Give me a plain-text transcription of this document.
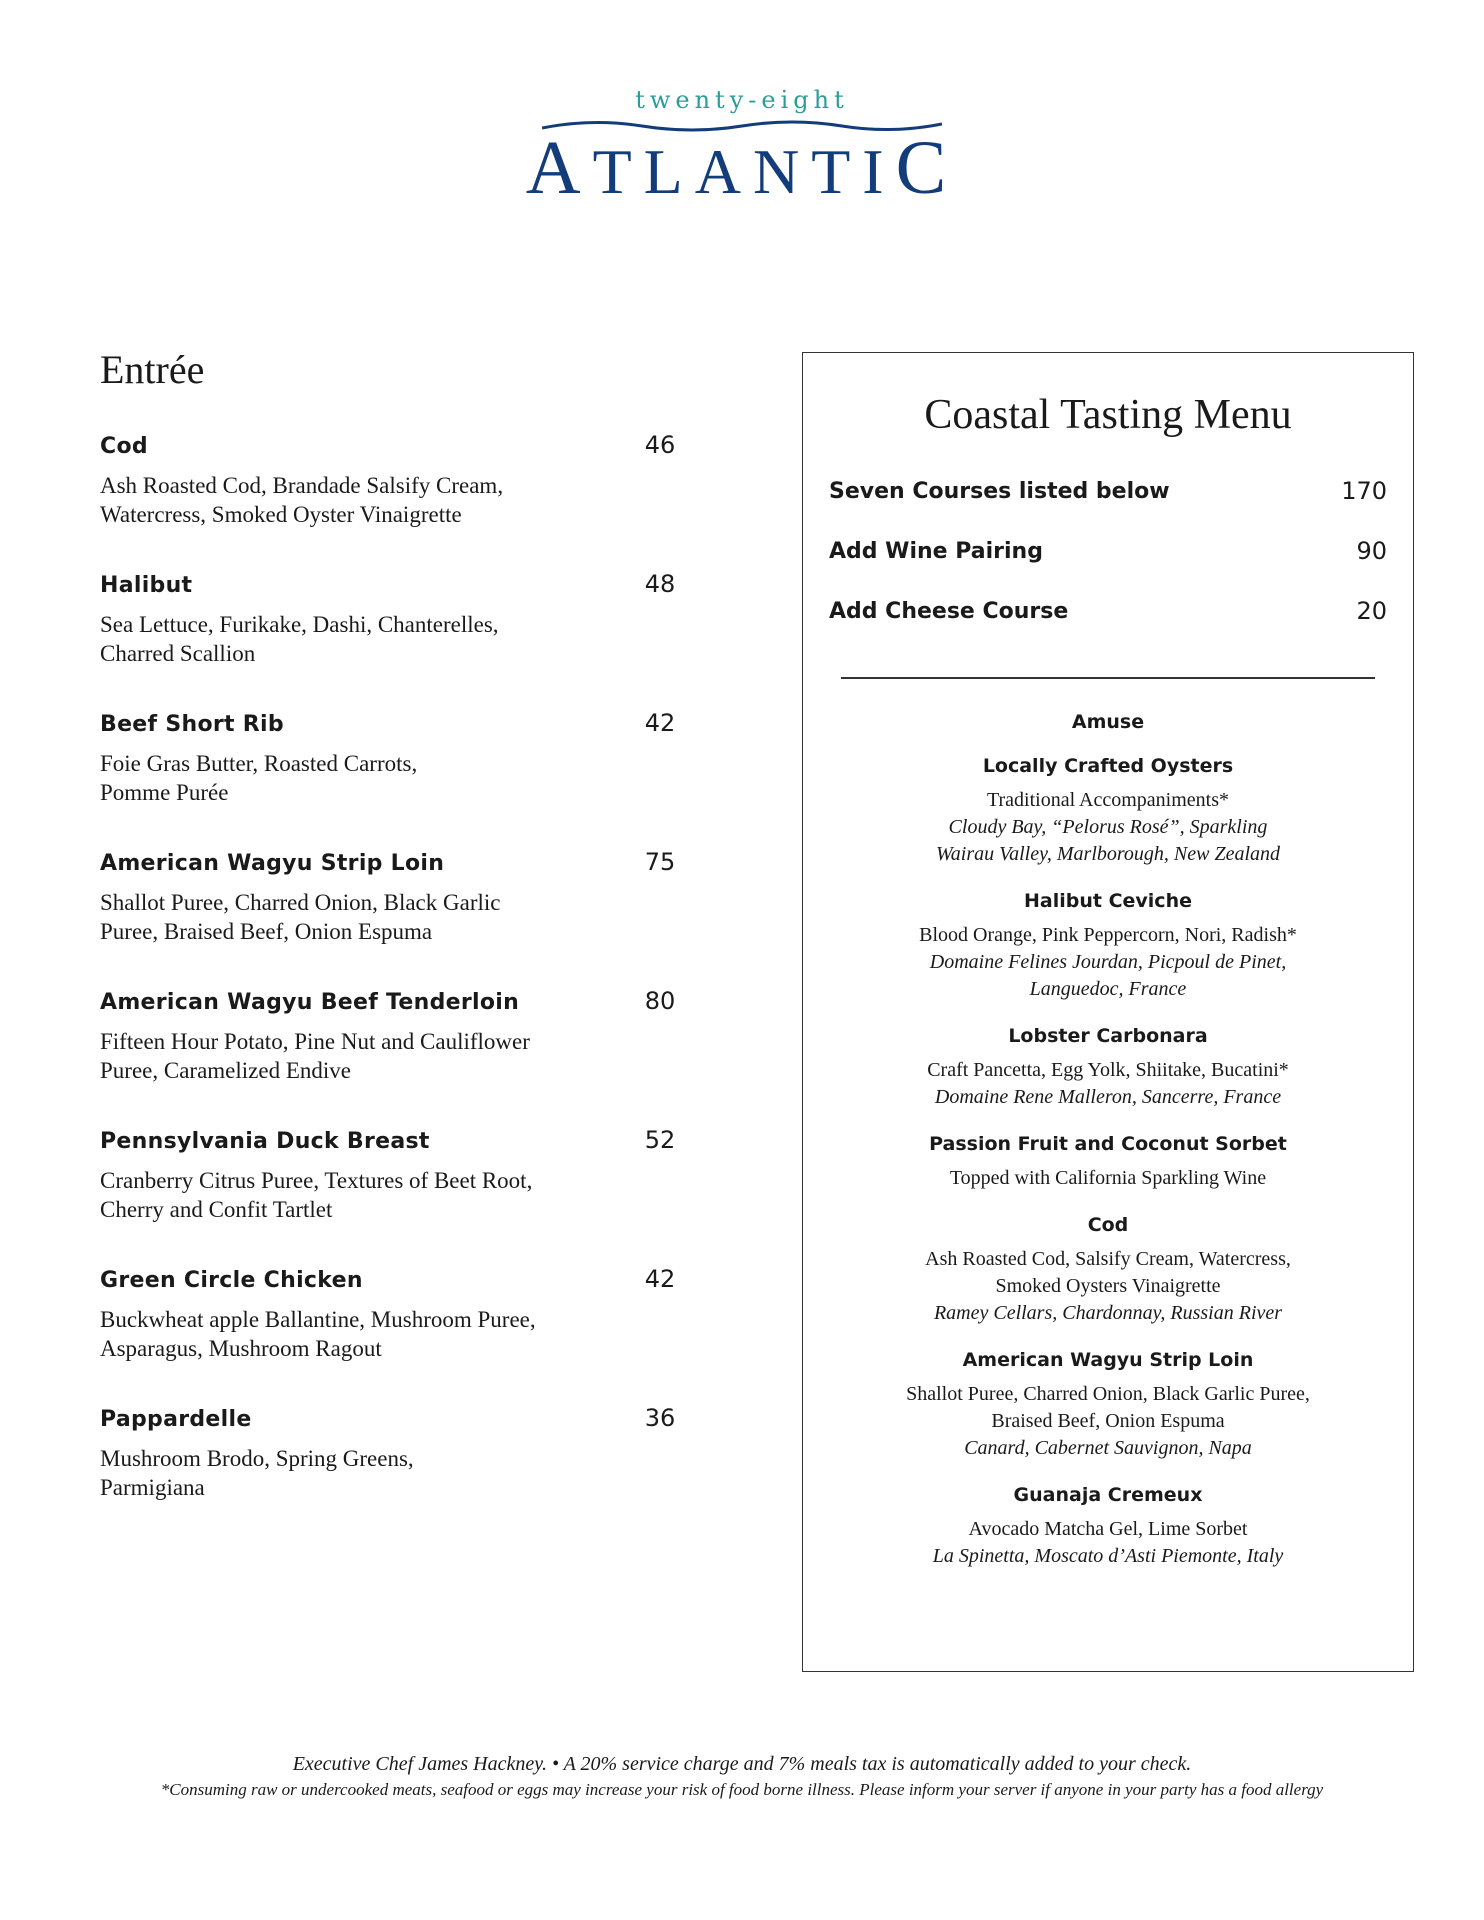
twenty-eight
ATLANTIC
Entrée
Cod	46
Ash Roasted Cod, Brandade Salsify Cream,
Watercress, Smoked Oyster Vinaigrette
Halibut	48
Sea Lettuce, Furikake, Dashi, Chanterelles,
Charred Scallion
Beef Short Rib	42
Foie Gras Butter, Roasted Carrots,
Pomme Purée
American Wagyu Strip Loin	75
Shallot Puree, Charred Onion, Black Garlic
Puree, Braised Beef, Onion Espuma
American Wagyu Beef Tenderloin	80
Fifteen Hour Potato, Pine Nut and Cauliflower
Puree, Caramelized Endive
Pennsylvania Duck Breast	52
Cranberry Citrus Puree, Textures of Beet Root,
Cherry and Confit Tartlet
Green Circle Chicken	42
Buckwheat apple Ballantine, Mushroom Puree,
Asparagus, Mushroom Ragout
Pappardelle	36
Mushroom Brodo, Spring Greens,
Parmigiana
Coastal Tasting Menu
Seven Courses listed below	170
Add Wine Pairing	90
Add Cheese Course	20
Amuse
Locally Crafted Oysters
Traditional Accompaniments*
Cloudy Bay, “Pelorus Rosé”, Sparkling
Wairau Valley, Marlborough, New Zealand
Halibut Ceviche
Blood Orange, Pink Peppercorn, Nori, Radish*
Domaine Felines Jourdan, Picpoul de Pinet,
Languedoc, France
Lobster Carbonara
Craft Pancetta, Egg Yolk, Shiitake, Bucatini*
Domaine Rene Malleron, Sancerre, France
Passion Fruit and Coconut Sorbet
Topped with California Sparkling Wine
Cod
Ash Roasted Cod, Salsify Cream, Watercress,
Smoked Oysters Vinaigrette
Ramey Cellars, Chardonnay, Russian River
American Wagyu Strip Loin
Shallot Puree, Charred Onion, Black Garlic Puree,
Braised Beef, Onion Espuma
Canard, Cabernet Sauvignon, Napa
Guanaja Cremeux
Avocado Matcha Gel, Lime Sorbet
La Spinetta, Moscato d’Asti Piemonte, Italy
Executive Chef James Hackney. • A 20% service charge and 7% meals tax is automatically added to your check.
*Consuming raw or undercooked meats, seafood or eggs may increase your risk of food borne illness. Please inform your server if anyone in your party has a food allergy
